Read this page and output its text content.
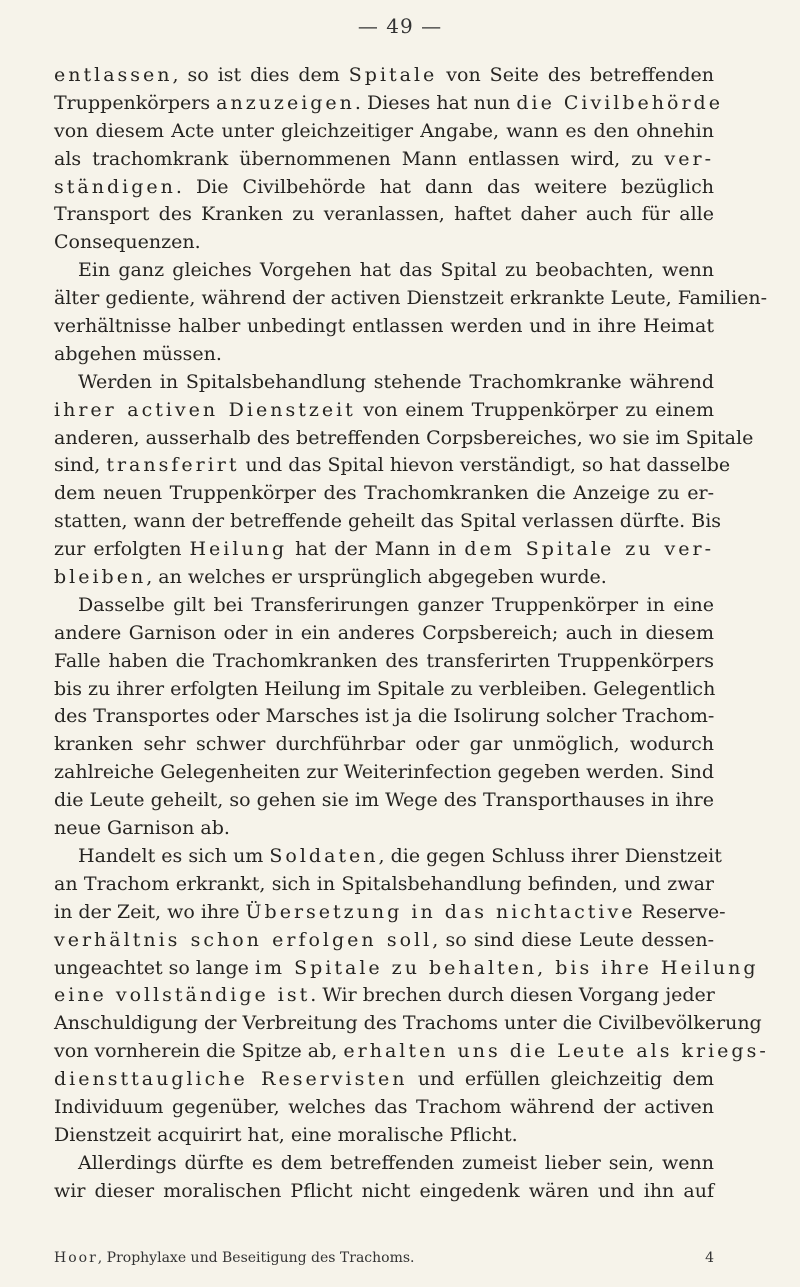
— 49 —
entlassen, so ist dies dem Spitale von Seite des betreffenden
Truppenkörpers anzuzeigen. Dieses hat nun die Civilbehörde
von diesem Acte unter gleichzeitiger Angabe, wann es den ohnehin
als trachomkrank übernommenen Mann entlassen wird, zu ver-
ständigen. Die Civilbehörde hat dann das weitere bezüglich
Transport des Kranken zu veranlassen, haftet daher auch für alle
Consequenzen.
Ein ganz gleiches Vorgehen hat das Spital zu beobachten, wenn
älter gediente, während der activen Dienstzeit erkrankte Leute, Familien-
verhältnisse halber unbedingt entlassen werden und in ihre Heimat
abgehen müssen.
Werden in Spitalsbehandlung stehende Trachomkranke während
ihrer activen Dienstzeit von einem Truppenkörper zu einem
anderen, ausserhalb des betreffenden Corpsbereiches, wo sie im Spitale
sind, transferirt und das Spital hievon verständigt, so hat dasselbe
dem neuen Truppenkörper des Trachomkranken die Anzeige zu er-
statten, wann der betreffende geheilt das Spital verlassen dürfte. Bis
zur erfolgten Heilung hat der Mann in dem Spitale zu ver-
bleiben, an welches er ursprünglich abgegeben wurde.
Dasselbe gilt bei Transferirungen ganzer Truppenkörper in eine
andere Garnison oder in ein anderes Corpsbereich; auch in diesem
Falle haben die Trachomkranken des transferirten Truppenkörpers
bis zu ihrer erfolgten Heilung im Spitale zu verbleiben. Gelegentlich
des Transportes oder Marsches ist ja die Isolirung solcher Trachom-
kranken sehr schwer durchführbar oder gar unmöglich, wodurch
zahlreiche Gelegenheiten zur Weiterinfection gegeben werden. Sind
die Leute geheilt, so gehen sie im Wege des Transporthauses in ihre
neue Garnison ab.
Handelt es sich um Soldaten, die gegen Schluss ihrer Dienstzeit
an Trachom erkrankt, sich in Spitalsbehandlung befinden, und zwar
in der Zeit, wo ihre Übersetzung in das nichtactive Reserve-
verhältnis schon erfolgen soll, so sind diese Leute dessen-
ungeachtet so lange im Spitale zu behalten, bis ihre Heilung
eine vollständige ist. Wir brechen durch diesen Vorgang jeder
Anschuldigung der Verbreitung des Trachoms unter die Civilbevölkerung
von vornherein die Spitze ab, erhalten uns die Leute als kriegs-
diensttaugliche Reservisten und erfüllen gleichzeitig dem
Individuum gegenüber, welches das Trachom während der activen
Dienstzeit acquirirt hat, eine moralische Pflicht.
Allerdings dürfte es dem betreffenden zumeist lieber sein, wenn
wir dieser moralischen Pflicht nicht eingedenk wären und ihn auf
Hoor, Prophylaxe und Beseitigung des Trachoms.	4
